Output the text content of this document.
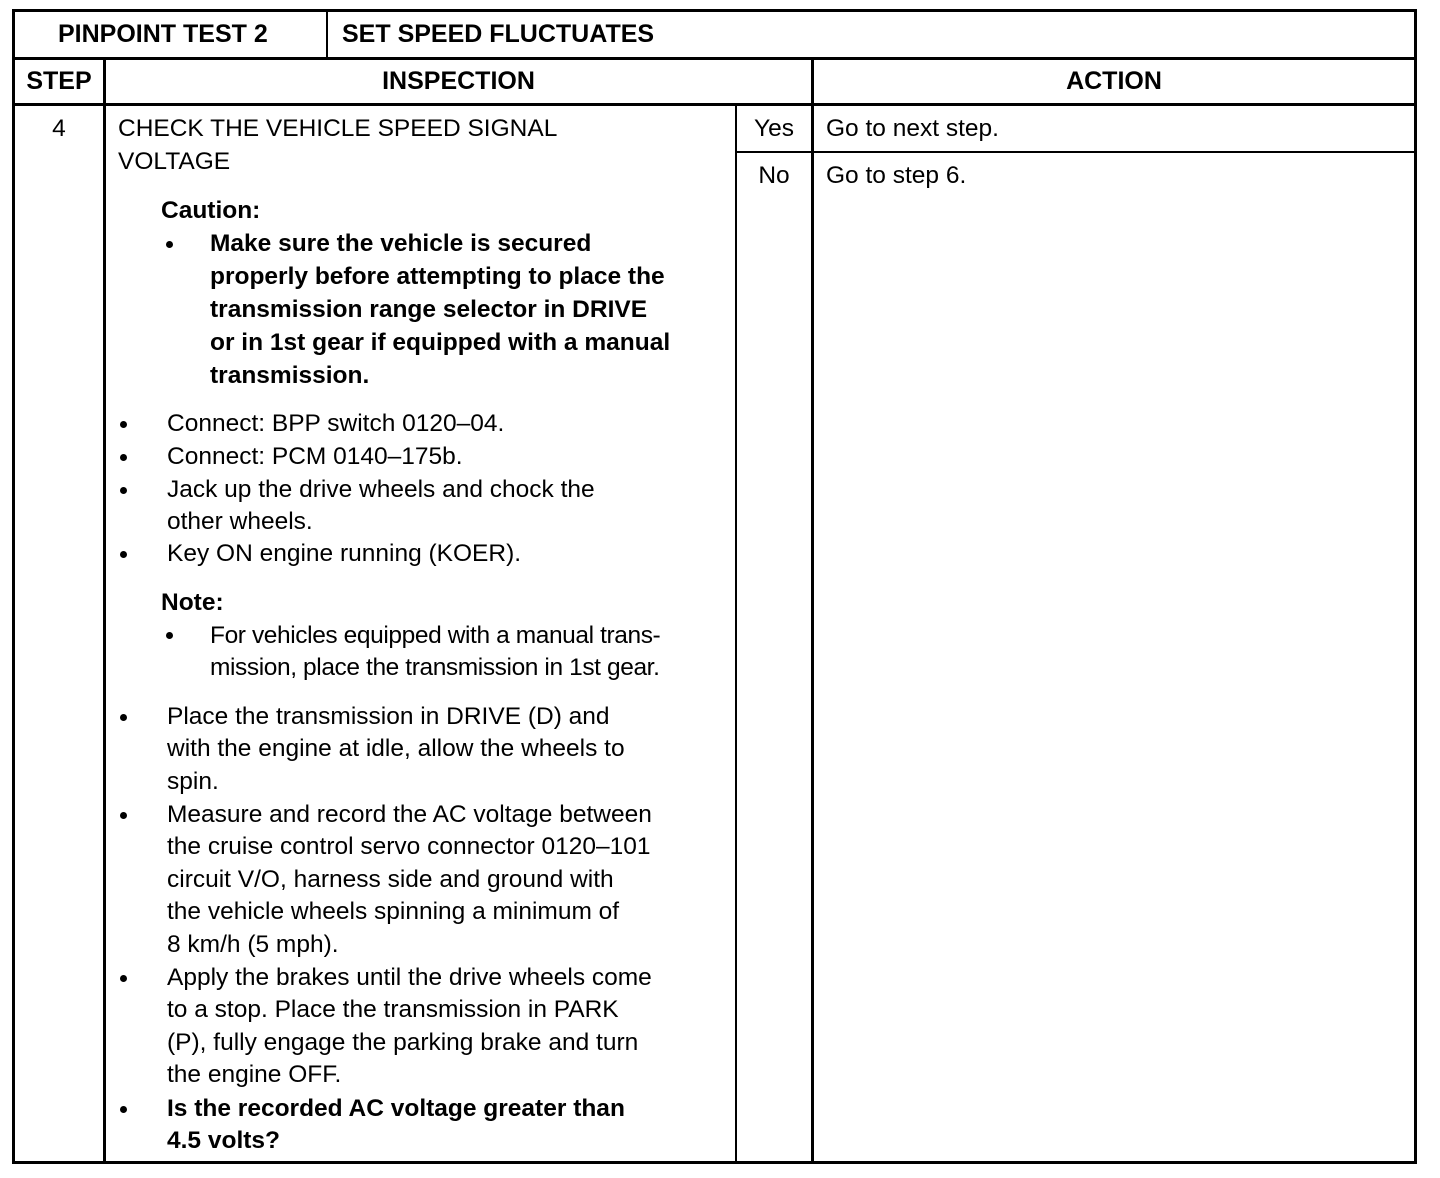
PINPOINT TEST 2	SET SPEED FLUCTUATES
STEP	INSPECTION	ACTION
4	CHECK THE VEHICLE SPEED SIGNAL
VOLTAGE
Caution:
Make sure the vehicle is secured
properly before attempting to place the
transmission range selector in DRIVE
or in 1st gear if equipped with a manual
transmission.
Connect: BPP switch 0120–04.
Connect: PCM 0140–175b.
Jack up the drive wheels and chock the
other wheels.
Key ON engine running (KOER).
Note:
For vehicles equipped with a manual trans-
mission, place the transmission in 1st gear.
Place the transmission in DRIVE (D) and
with the engine at idle, allow the wheels to
spin.
Measure and record the AC voltage between
the cruise control servo connector 0120–101
circuit V/O, harness side and ground with
the vehicle wheels spinning a minimum of
8 km/h (5 mph).
Apply the brakes until the drive wheels come
to a stop. Place the transmission in PARK
(P), fully engage the parking brake and turn
the engine OFF.
Is the recorded AC voltage greater than
4.5 volts?
Yes	Go to next step.
No	Go to step 6.
